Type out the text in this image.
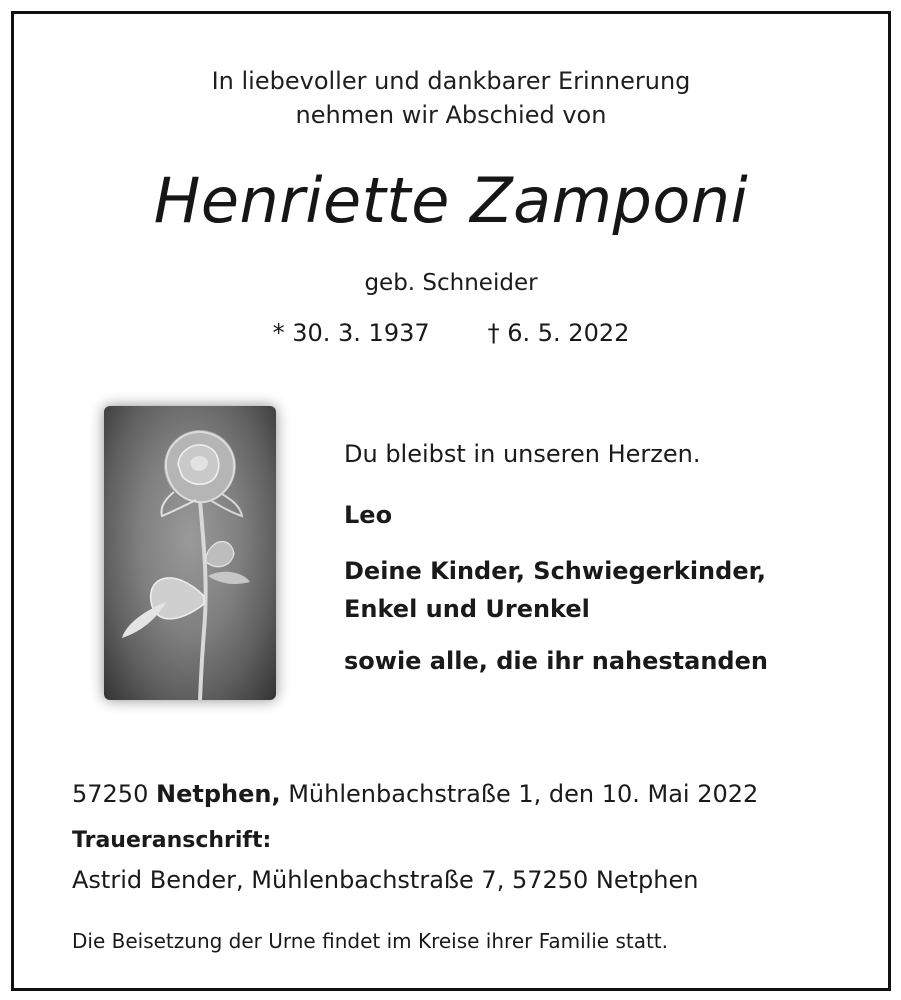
In liebevoller und dankbarer Erinnerung
nehmen wir Abschied von
Henriette Zamponi
geb. Schneider
* 30. 3. 1937 † 6. 5. 2022
Du bleibst in unseren Herzen.
Leo
Deine Kinder, Schwiegerkinder,
Enkel und Urenkel
sowie alle, die ihr nahestanden
57250 Netphen, Mühlenbachstraße 1, den 10. Mai 2022
Traueranschrift:
Astrid Bender, Mühlenbachstraße 7, 57250 Netphen
Die Beisetzung der Urne findet im Kreise ihrer Familie statt.
